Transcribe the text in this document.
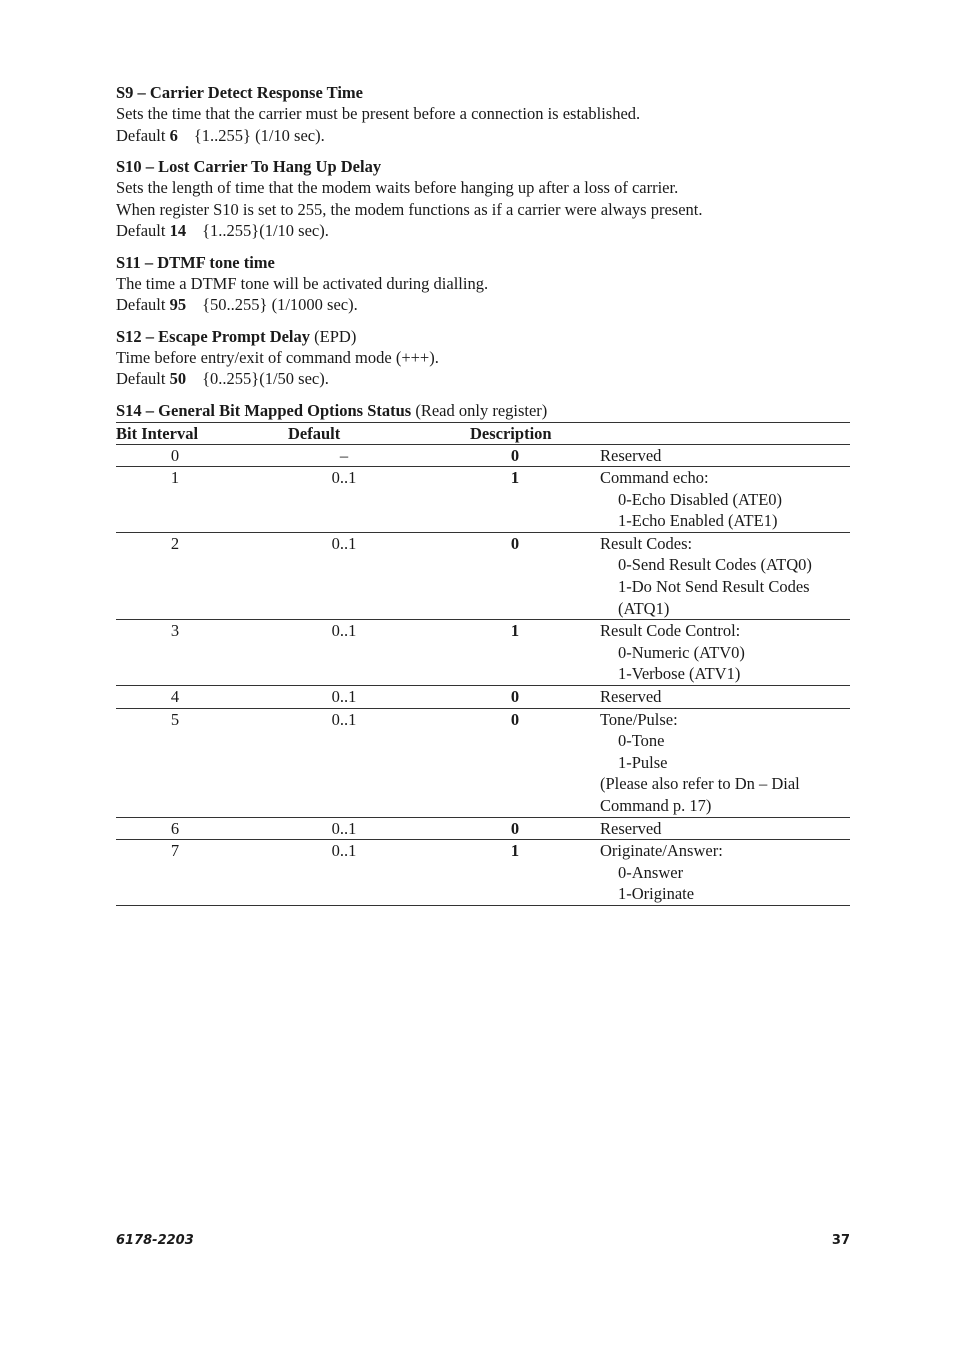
S9 – Carrier Detect Response Time
Sets the time that the carrier must be present before a connection is established.
Default 6 {1..255} (1/10 sec).
S10 – Lost Carrier To Hang Up Delay
Sets the length of time that the modem waits before hanging up after a loss of carrier.
When register S10 is set to 255, the modem functions as if a carrier were always present.
Default 14 {1..255}(1/10 sec).
S11 – DTMF tone time
The time a DTMF tone will be activated during dialling.
Default 95 {50..255} (1/1000 sec).
S12 – Escape Prompt Delay (EPD)
Time before entry/exit of command mode (+++).
Default 50 {0..255}(1/50 sec).
S14 – General Bit Mapped Options Status (Read only register)
Bit Interval	Default	Description	
0	–	0	Reserved

1	0..1	1	Command echo:
0-Echo Disabled (ATE0)
1-Echo Enabled (ATE1)

2	0..1	0	Result Codes:
0-Send Result Codes (ATQ0)
1-Do Not Send Result Codes (ATQ1)

3	0..1	1	Result Code Control:
0-Numeric (ATV0)
1-Verbose (ATV1)

4	0..1	0	Reserved

5	0..1	0	Tone/Pulse:
0-Tone
1-Pulse
(Please also refer to Dn – Dial
Command p. 17)

6	0..1	0	Reserved

7	0..1	1	Originate/Answer:
0-Answer
1-Originate
6178-2203	37
